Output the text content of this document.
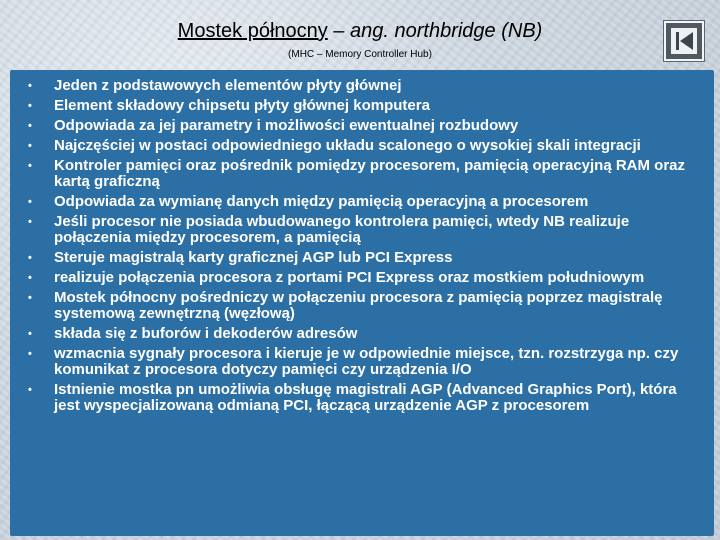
Mostek północny – ang. northbridge (NB)
(MHC – Memory Controller Hub)
• Jeden z podstawowych elementów płyty głównej
• Element składowy chipsetu płyty głównej komputera
• Odpowiada za jej parametry i możliwości ewentualnej rozbudowy
• Najczęściej w postaci odpowiedniego układu scalonego o wysokiej skali integracji
• Kontroler pamięci oraz pośrednik pomiędzy procesorem, pamięcią operacyjną RAM oraz kartą graficzną
• Odpowiada za wymianę danych między pamięcią operacyjną a procesorem
• Jeśli procesor nie posiada wbudowanego kontrolera pamięci, wtedy NB realizuje połączenia między procesorem, a pamięcią
• Steruje magistralą karty graficznej AGP lub PCI Express
• realizuje połączenia procesora z portami PCI Express oraz mostkiem południowym
• Mostek północny pośredniczy w połączeniu procesora z pamięcią poprzez magistralę systemową zewnętrzną (węzłową)
• składa się z buforów i dekoderów adresów
• wzmacnia sygnały procesora i kieruje je w odpowiednie miejsce, tzn. rozstrzyga np. czy komunikat z procesora dotyczy pamięci czy urządzenia I/O
• Istnienie mostka pn umożliwia obsługę magistrali AGP (Advanced Graphics Port), która jest wyspecjalizowaną odmianą PCI, łączącą urządzenie AGP z procesorem
